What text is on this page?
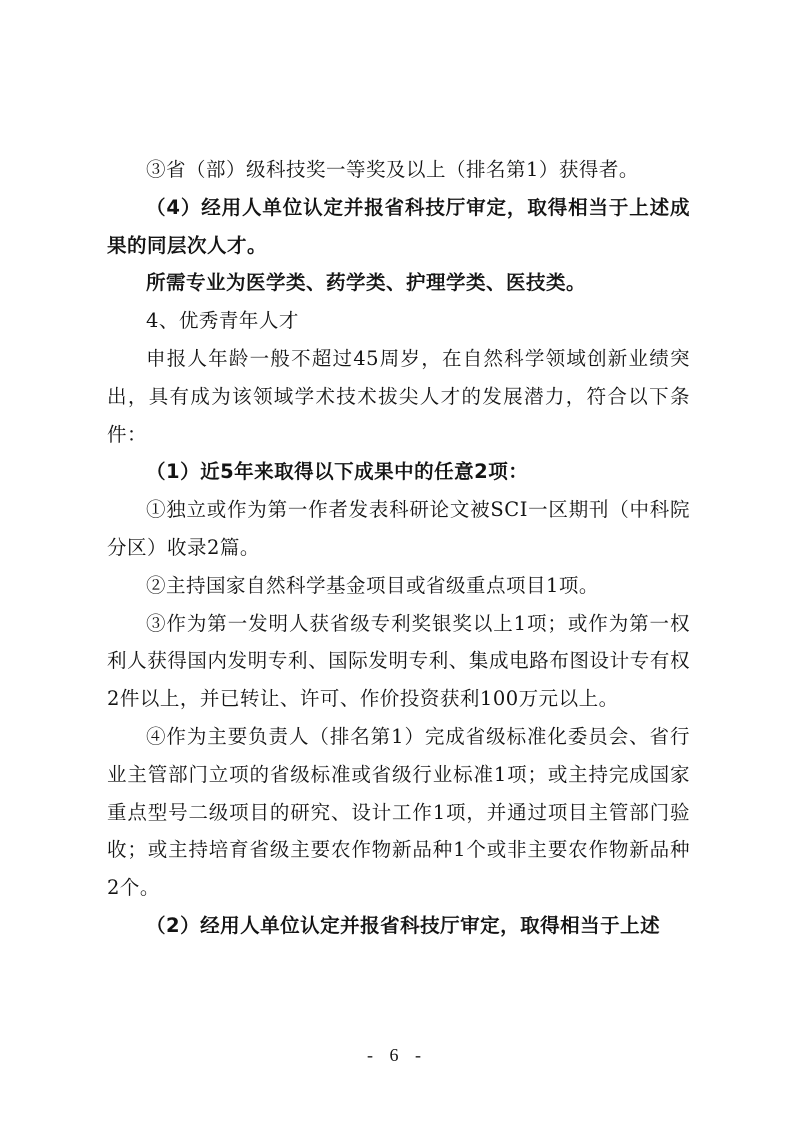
③省（部）级科技奖一等奖及以上（排名第1）获得者。

（4）经用人单位认定并报省科技厅审定，取得相当于上述成果的同层次人才。

所需专业为医学类、药学类、护理学类、医技类。

4、优秀青年人才

申报人年龄一般不超过45周岁，在自然科学领域创新业绩突出，具有成为该领域学术技术拔尖人才的发展潜力，符合以下条件：

（1）近5年来取得以下成果中的任意2项：

①独立或作为第一作者发表科研论文被SCI一区期刊（中科院分区）收录2篇。

②主持国家自然科学基金项目或省级重点项目1项。

③作为第一发明人获省级专利奖银奖以上1项；或作为第一权利人获得国内发明专利、国际发明专利、集成电路布图设计专有权2件以上，并已转让、许可、作价投资获利100万元以上。

④作为主要负责人（排名第1）完成省级标准化委员会、省行业主管部门立项的省级标准或省级行业标准1项；或主持完成国家重点型号二级项目的研究、设计工作1项，并通过项目主管部门验收；或主持培育省级主要农作物新品种1个或非主要农作物新品种2个。

（2）经用人单位认定并报省科技厅审定，取得相当于上述

- 6 -
